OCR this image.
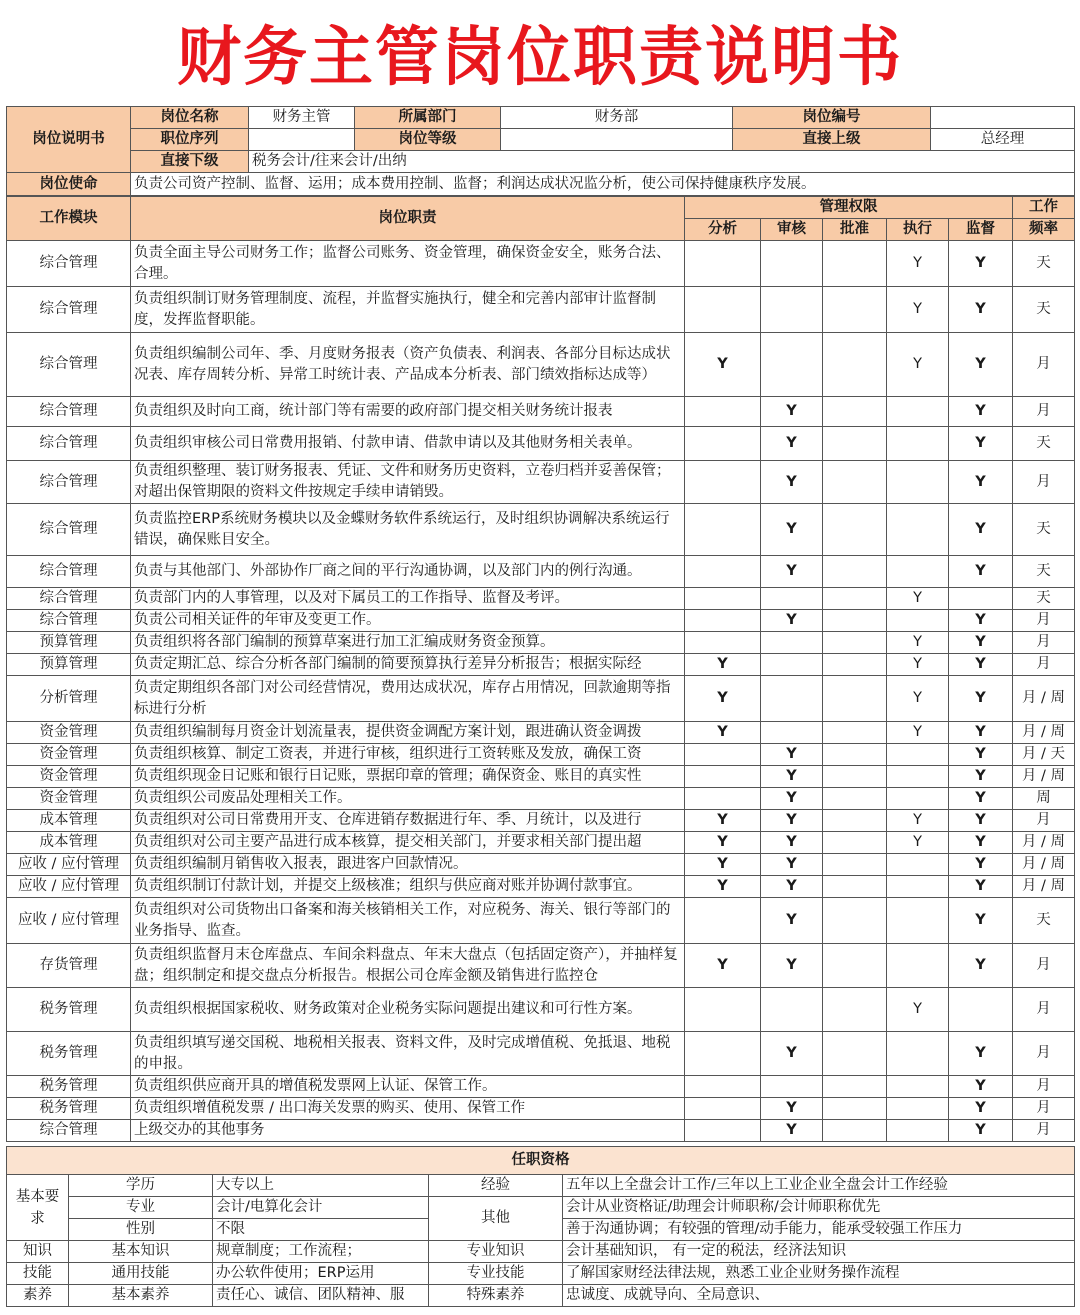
财务主管岗位职责说明书
岗位说明书	岗位名称	财务主管	所属部门	财务部	岗位编号	
	职位序列		岗位等级		直接上级	总经理
	直接下级	税务会计/往来会计/出纳				
岗位使命	负责公司资产控制、监督、运用；成本费用控制、监督；利润达成状况监分析，使公司保持健康秩序发展。					
工作模块	岗位职责	管理权限					工作
		分析	审核	批准	执行	监督	频率
综合管理	负责全面主导公司财务工作；监督公司账务、资金管理，确保资金安全，账务合法、合理。				Y	Y	天
综合管理	负责组织制订财务管理制度、流程，并监督实施执行，健全和完善内部审计监督制度，发挥监督职能。				Y	Y	天
综合管理	负责组织编制公司年、季、月度财务报表（资产负债表、利润表、各部分目标达成状况表、库存周转分析、异常工时统计表、产品成本分析表、部门绩效指标达成等）	Y			Y	Y	月
综合管理	负责组织及时向工商，统计部门等有需要的政府部门提交相关财务统计报表		Y			Y	月
综合管理	负责组织审核公司日常费用报销、付款申请、借款申请以及其他财务相关表单。		Y			Y	天
综合管理	负责组织整理、装订财务报表、凭证、文件和财务历史资料，立卷归档并妥善保管；对超出保管期限的资料文件按规定手续申请销毁。		Y			Y	月
综合管理	负责监控ERP系统财务模块以及金蝶财务软件系统运行，及时组织协调解决系统运行错误，确保账目安全。		Y			Y	天
综合管理	负责与其他部门、外部协作厂商之间的平行沟通协调，以及部门内的例行沟通。		Y			Y	天
综合管理	负责部门内的人事管理，以及对下属员工的工作指导、监督及考评。				Y		天
综合管理	负责公司相关证件的年审及变更工作。		Y			Y	月
预算管理	负责组织将各部门编制的预算草案进行加工汇编成财务资金预算。				Y	Y	月
预算管理	负责定期汇总、综合分析各部门编制的简要预算执行差异分析报告；根据实际经	Y			Y	Y	月
分析管理	负责定期组织各部门对公司经营情况，费用达成状况，库存占用情况，回款逾期等指标进行分析	Y			Y	Y	月 / 周
资金管理	负责组织编制每月资金计划流量表，提供资金调配方案计划，跟进确认资金调拨	Y			Y	Y	月 / 周
资金管理	负责组织核算、制定工资表，并进行审核，组织进行工资转账及发放，确保工资		Y			Y	月 / 天
资金管理	负责组织现金日记账和银行日记账，票据印章的管理；确保资金、账目的真实性		Y			Y	月 / 周
资金管理	负责组织公司废品处理相关工作。		Y			Y	周
成本管理	负责组织对公司日常费用开支、仓库进销存数据进行年、季、月统计，以及进行	Y	Y		Y	Y	月
成本管理	负责组织对公司主要产品进行成本核算，提交相关部门，并要求相关部门提出超	Y	Y		Y	Y	月 / 周
应收 / 应付管理	负责组织编制月销售收入报表，跟进客户回款情况。	Y	Y			Y	月 / 周
应收 / 应付管理	负责组织制订付款计划，并提交上级核准；组织与供应商对账并协调付款事宜。	Y	Y			Y	月 / 周
应收 / 应付管理	负责组织对公司货物出口备案和海关核销相关工作，对应税务、海关、银行等部门的业务指导、监查。		Y			Y	天
存货管理	负责组织监督月末仓库盘点、车间余料盘点、年末大盘点（包括固定资产），并抽样复盘；组织制定和提交盘点分析报告。根据公司仓库金额及销售进行监控仓	Y	Y			Y	月
税务管理	负责组织根据国家税收、财务政策对企业税务实际问题提出建议和可行性方案。				Y		月
税务管理	负责组织填写递交国税、地税相关报表、资料文件，及时完成增值税、免抵退、地税的申报。		Y			Y	月
税务管理	负责组织供应商开具的增值税发票网上认证、保管工作。					Y	月
税务管理	负责组织增值税发票 / 出口海关发票的购买、使用、保管工作		Y			Y	月
综合管理	上级交办的其他事务		Y			Y	月
任职资格				
基本要求	学历	大专以上	经验	五年以上全盘会计工作/三年以上工业企业全盘会计工作经验
	专业	会计/电算化会计	其他	会计从业资格证/助理会计师职称/会计师职称优先
	性别	不限		善于沟通协调；有较强的管理/动手能力，能承受较强工作压力
知识	基本知识	规章制度；工作流程；	专业知识	会计基础知识， 有一定的税法，经济法知识
技能	通用技能	办公软件使用；ERP运用	专业技能	了解国家财经法律法规，熟悉工业企业财务操作流程
素养	基本素养	责任心、诚信、团队精神、服	特殊素养	忠诚度、成就导向、全局意识、
